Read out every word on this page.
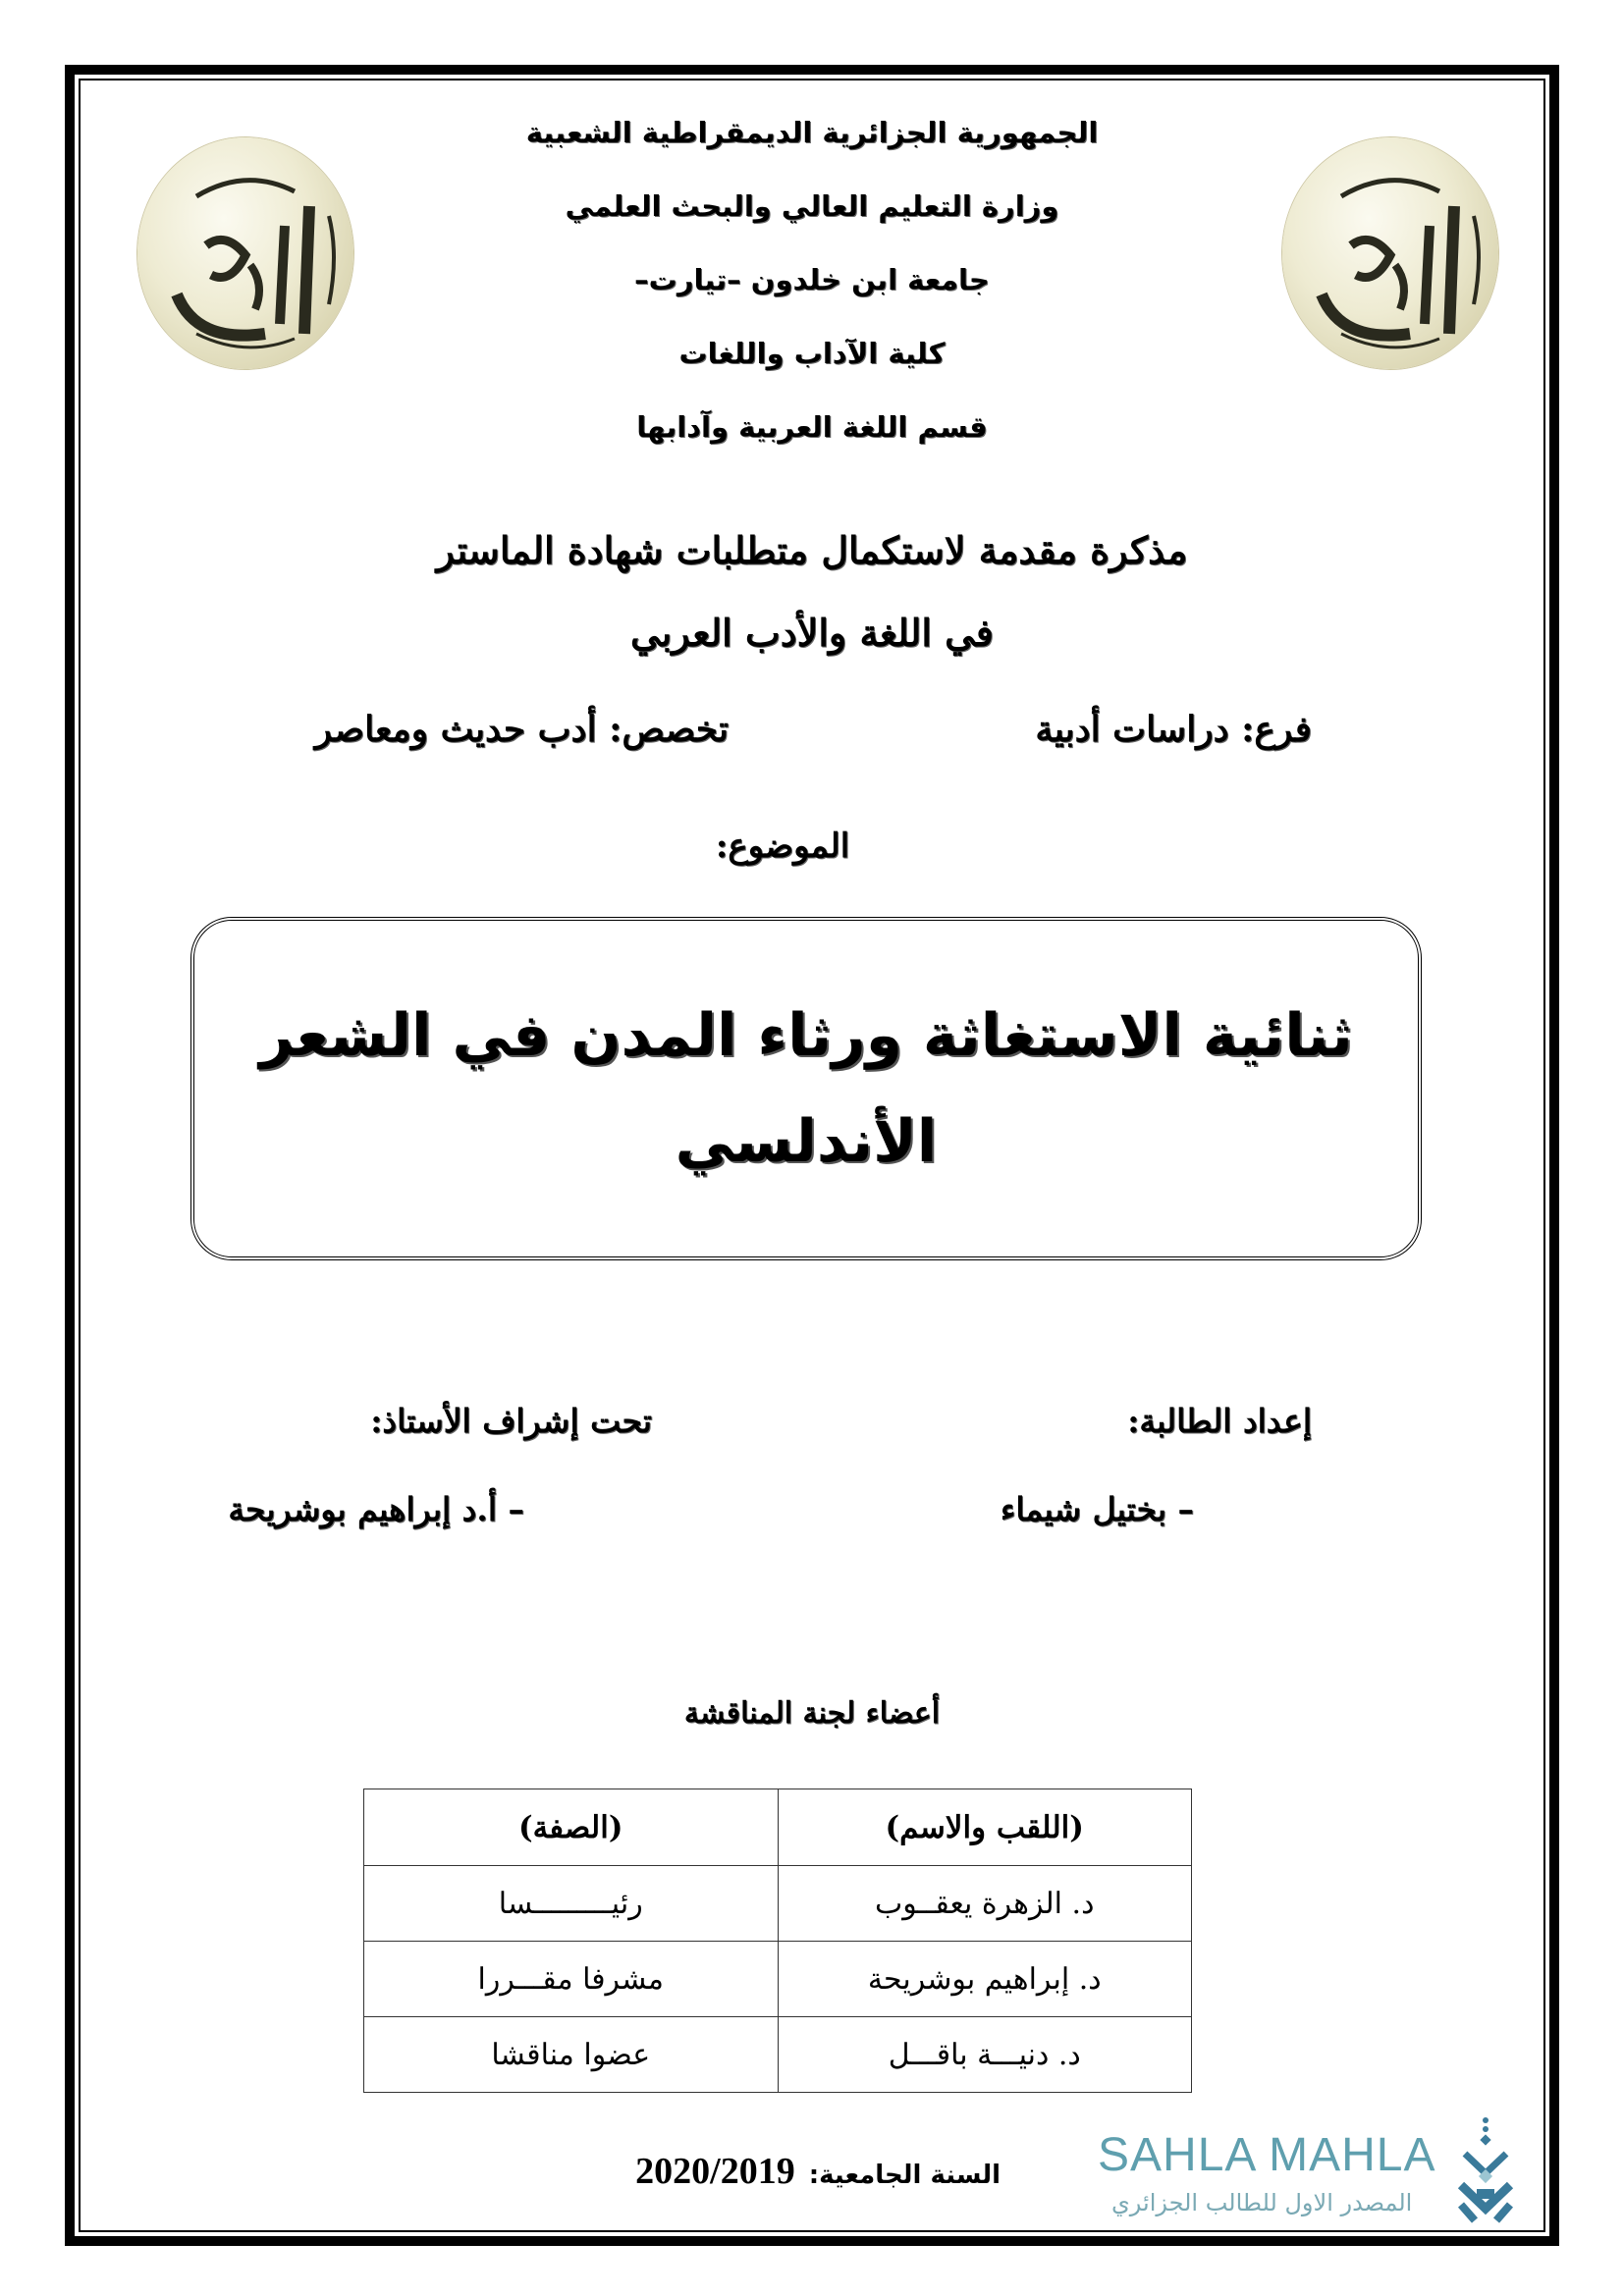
الجمهورية الجزائرية الديمقراطية الشعبية
وزارة التعليم العالي والبحث العلمي
جامعة ابن خلدون –تيارت–
كلية الآداب واللغات
قسم اللغة العربية وآدابها
مذكرة مقدمة لاستكمال متطلبات شهادة الماستر
في اللغة والأدب العربي
فرع: دراسات أدبية
تخصص: أدب حديث ومعاصر
الموضوع:
ثنائية الاستغاثة ورثاء المدن في الشعر
الأندلسي
إعداد الطالبة:
تحت إشراف الأستاذ:
– بختيل شيماء
– أ.د إبراهيم بوشريحة
أعضاء لجنة المناقشة
(اللقب والاسم)	(الصفة)
د. الزهرة يعقــوب	رئيـــــــــسا
د. إبراهيم بوشريحة	مشرفا مقـــررا
د. دنيـــة باقـــل	عضوا مناقشا
السنة الجامعية:
2020/2019	SAHLA MAHLA
المصدر الاول للطالب الجزائري
